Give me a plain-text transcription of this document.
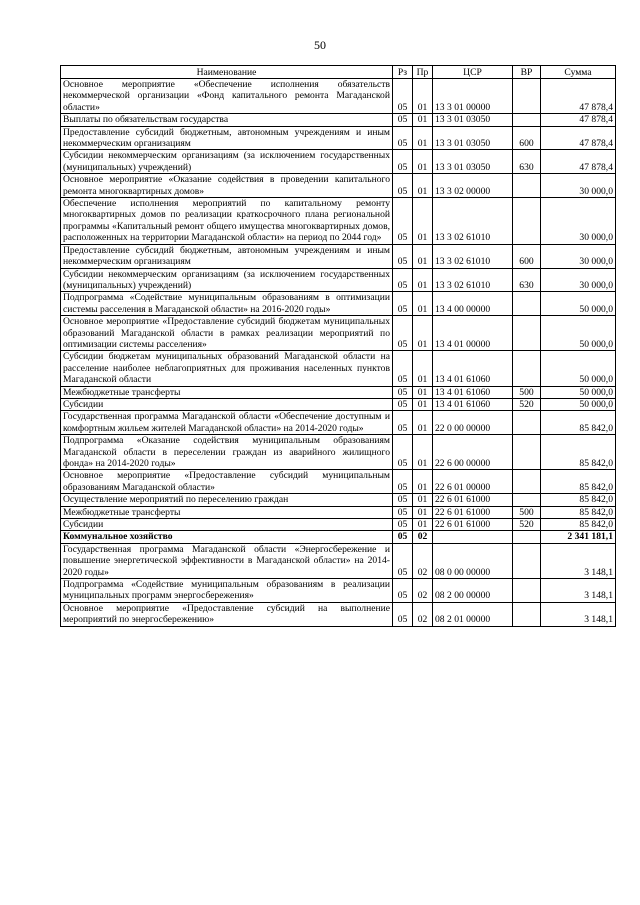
50
Наименование	Рз	Пр	ЦСР	ВР	Сумма
Основное мероприятие «Обеспечение исполнения обязательств некоммерческой организации «Фонд капитального ремонта Магаданской области»	05	01	13 3 01 00000		47 878,4
Выплаты по обязательствам государства	05	01	13 3 01 03050		47 878,4
Предоставление субсидий бюджетным, автономным учреждениям и иным некоммерческим организациям	05	01	13 3 01 03050	600	47 878,4
Субсидии некоммерческим организациям (за исключением государственных (муниципальных) учреждений)	05	01	13 3 01 03050	630	47 878,4
Основное мероприятие «Оказание содействия в проведении капитального ремонта многоквартирных домов»	05	01	13 3 02 00000		30 000,0
Обеспечение исполнения мероприятий по капитальному ремонту многоквартирных домов по реализации краткосрочного плана региональной программы «Капитальный ремонт общего имущества многоквартирных домов, расположенных на территории Магаданской области» на период по 2044 год»	05	01	13 3 02 61010		30 000,0
Предоставление субсидий бюджетным, автономным учреждениям и иным некоммерческим организациям	05	01	13 3 02 61010	600	30 000,0
Субсидии некоммерческим организациям (за исключением государственных (муниципальных) учреждений)	05	01	13 3 02 61010	630	30 000,0
Подпрограмма «Содействие муниципальным образованиям в оптимизации системы расселения в Магаданской области» на 2016-2020 годы»	05	01	13 4 00 00000		50 000,0
Основное мероприятие «Предоставление субсидий бюджетам муниципальных образований Магаданской области в рамках реализации мероприятий по оптимизации системы расселения»	05	01	13 4 01 00000		50 000,0
Субсидии бюджетам муниципальных образований Магаданской области на расселение наиболее неблагоприятных для проживания населенных пунктов Магаданской области	05	01	13 4 01 61060		50 000,0
Межбюджетные трансферты	05	01	13 4 01 61060	500	50 000,0
Субсидии	05	01	13 4 01 61060	520	50 000,0
Государственная программа Магаданской области «Обеспечение доступным и комфортным жильем жителей Магаданской области» на 2014-2020 годы»	05	01	22 0 00 00000		85 842,0
Подпрограмма «Оказание содействия муниципальным образованиям Магаданской области в переселении граждан из аварийного жилищного фонда» на 2014-2020 годы»	05	01	22 6 00 00000		85 842,0
Основное мероприятие «Предоставление субсидий муниципальным образованиям Магаданской области»	05	01	22 6 01 00000		85 842,0
Осуществление мероприятий по переселению граждан	05	01	22 6 01 61000		85 842,0
Межбюджетные трансферты	05	01	22 6 01 61000	500	85 842,0
Субсидии	05	01	22 6 01 61000	520	85 842,0
Коммунальное хозяйство	05	02			2 341 181,1
Государственная программа Магаданской области «Энергосбережение и повышение энергетической эффективности в Магаданской области» на 2014-2020 годы»	05	02	08 0 00 00000		3 148,1
Подпрограмма «Содействие муниципальным образованиям в реализации муниципальных программ энергосбережения»	05	02	08 2 00 00000		3 148,1
Основное мероприятие «Предоставление субсидий на выполнение мероприятий по энергосбережению»	05	02	08 2 01 00000		3 148,1
